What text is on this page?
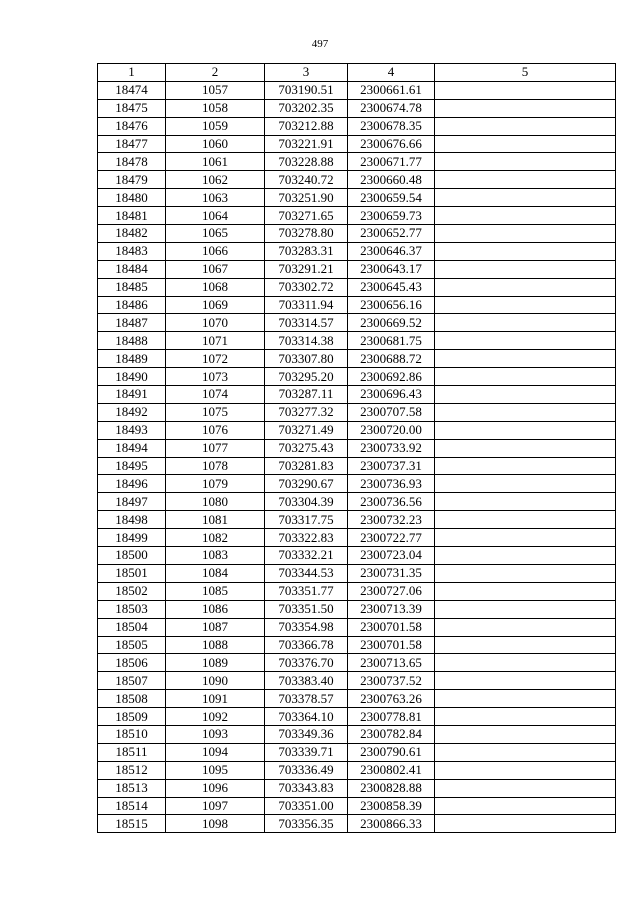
497
1	2	3	4	5
18474	1057	703190.51	2300661.61	
18475	1058	703202.35	2300674.78	
18476	1059	703212.88	2300678.35	
18477	1060	703221.91	2300676.66	
18478	1061	703228.88	2300671.77	
18479	1062	703240.72	2300660.48	
18480	1063	703251.90	2300659.54	
18481	1064	703271.65	2300659.73	
18482	1065	703278.80	2300652.77	
18483	1066	703283.31	2300646.37	
18484	1067	703291.21	2300643.17	
18485	1068	703302.72	2300645.43	
18486	1069	703311.94	2300656.16	
18487	1070	703314.57	2300669.52	
18488	1071	703314.38	2300681.75	
18489	1072	703307.80	2300688.72	
18490	1073	703295.20	2300692.86	
18491	1074	703287.11	2300696.43	
18492	1075	703277.32	2300707.58	
18493	1076	703271.49	2300720.00	
18494	1077	703275.43	2300733.92	
18495	1078	703281.83	2300737.31	
18496	1079	703290.67	2300736.93	
18497	1080	703304.39	2300736.56	
18498	1081	703317.75	2300732.23	
18499	1082	703322.83	2300722.77	
18500	1083	703332.21	2300723.04	
18501	1084	703344.53	2300731.35	
18502	1085	703351.77	2300727.06	
18503	1086	703351.50	2300713.39	
18504	1087	703354.98	2300701.58	
18505	1088	703366.78	2300701.58	
18506	1089	703376.70	2300713.65	
18507	1090	703383.40	2300737.52	
18508	1091	703378.57	2300763.26	
18509	1092	703364.10	2300778.81	
18510	1093	703349.36	2300782.84	
18511	1094	703339.71	2300790.61	
18512	1095	703336.49	2300802.41	
18513	1096	703343.83	2300828.88	
18514	1097	703351.00	2300858.39	
18515	1098	703356.35	2300866.33	
